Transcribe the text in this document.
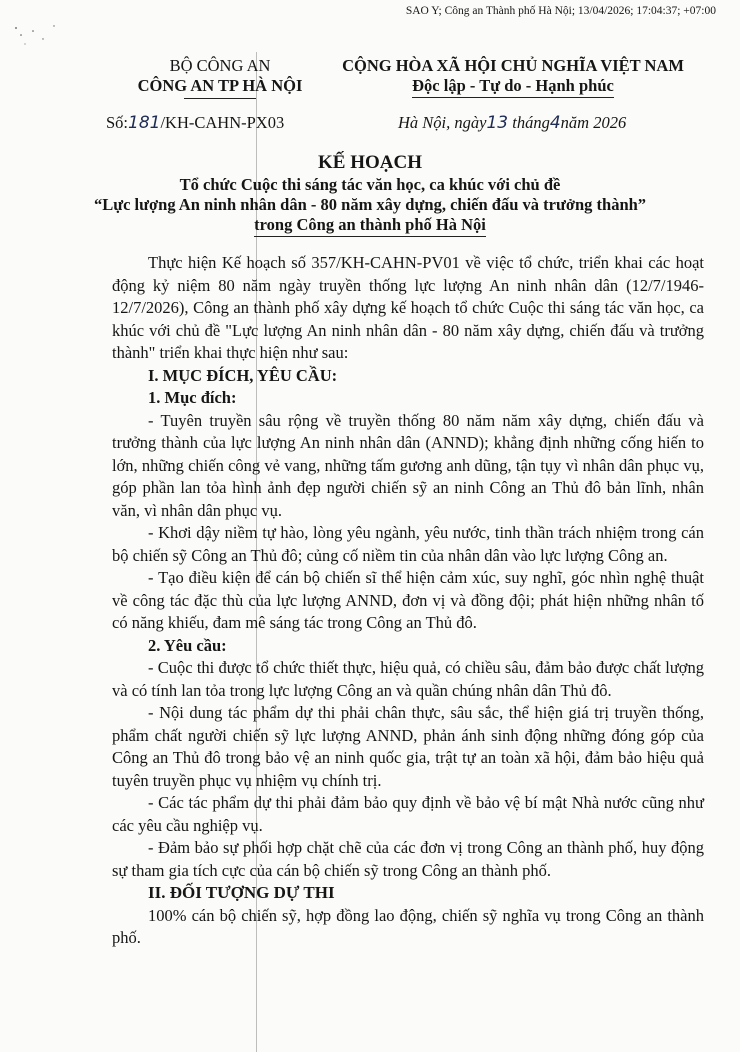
SAO Y; Công an Thành phố Hà Nội; 13/04/2026; 17:04:37; +07:00
BỘ CÔNG AN
CÔNG AN TP HÀ NỘI
CỘNG HÒA XÃ HỘI CHỦ NGHĨA VIỆT NAM
Độc lập - Tự do - Hạnh phúc
Số:181/KH-CAHN-PX03	Hà Nội, ngày13 tháng4năm 2026
KẾ HOẠCH
Tổ chức Cuộc thi sáng tác văn học, ca khúc với chủ đề
“Lực lượng An ninh nhân dân - 80 năm xây dựng, chiến đấu và trưởng thành”
trong Công an thành phố Hà Nội

Thực hiện Kế hoạch số 357/KH-CAHN-PV01 về việc tổ chức, triển khai các hoạt động kỷ niệm 80 năm ngày truyền thống lực lượng An ninh nhân dân (12/7/1946-12/7/2026), Công an thành phố xây dựng kế hoạch tổ chức Cuộc thi sáng tác văn học, ca khúc với chủ đề "Lực lượng An ninh nhân dân - 80 năm xây dựng, chiến đấu và trưởng thành" triển khai thực hiện như sau:

I. MỤC ĐÍCH, YÊU CẦU:

1. Mục đích:

- Tuyên truyền sâu rộng về truyền thống 80 năm năm xây dựng, chiến đấu và trưởng thành của lực lượng An ninh nhân dân (ANND); khẳng định những cống hiến to lớn, những chiến công vẻ vang, những tấm gương anh dũng, tận tụy vì nhân dân phục vụ, góp phần lan tỏa hình ảnh đẹp người chiến sỹ an ninh Công an Thủ đô bản lĩnh, nhân văn, vì nhân dân phục vụ.

- Khơi dậy niềm tự hào, lòng yêu ngành, yêu nước, tinh thần trách nhiệm trong cán bộ chiến sỹ Công an Thủ đô; củng cố niềm tin của nhân dân vào lực lượng Công an.

- Tạo điều kiện để cán bộ chiến sĩ thể hiện cảm xúc, suy nghĩ, góc nhìn nghệ thuật về công tác đặc thù của lực lượng ANND, đơn vị và đồng đội; phát hiện những nhân tố có năng khiếu, đam mê sáng tác trong Công an Thủ đô.

2. Yêu cầu:

- Cuộc thi được tổ chức thiết thực, hiệu quả, có chiều sâu, đảm bảo được chất lượng và có tính lan tỏa trong lực lượng Công an và quần chúng nhân dân Thủ đô.

- Nội dung tác phẩm dự thi phải chân thực, sâu sắc, thể hiện giá trị truyền thống, phẩm chất người chiến sỹ lực lượng ANND, phản ánh sinh động những đóng góp của Công an Thủ đô trong bảo vệ an ninh quốc gia, trật tự an toàn xã hội, đảm bảo hiệu quả tuyên truyền phục vụ nhiệm vụ chính trị.

- Các tác phẩm dự thi phải đảm bảo quy định về bảo vệ bí mật Nhà nước cũng như các yêu cầu nghiệp vụ.

- Đảm bảo sự phối hợp chặt chẽ của các đơn vị trong Công an thành phố, huy động sự tham gia tích cực của cán bộ chiến sỹ trong Công an thành phố.

II. ĐỐI TƯỢNG DỰ THI

100% cán bộ chiến sỹ, hợp đồng lao động, chiến sỹ nghĩa vụ trong Công an thành phố.
